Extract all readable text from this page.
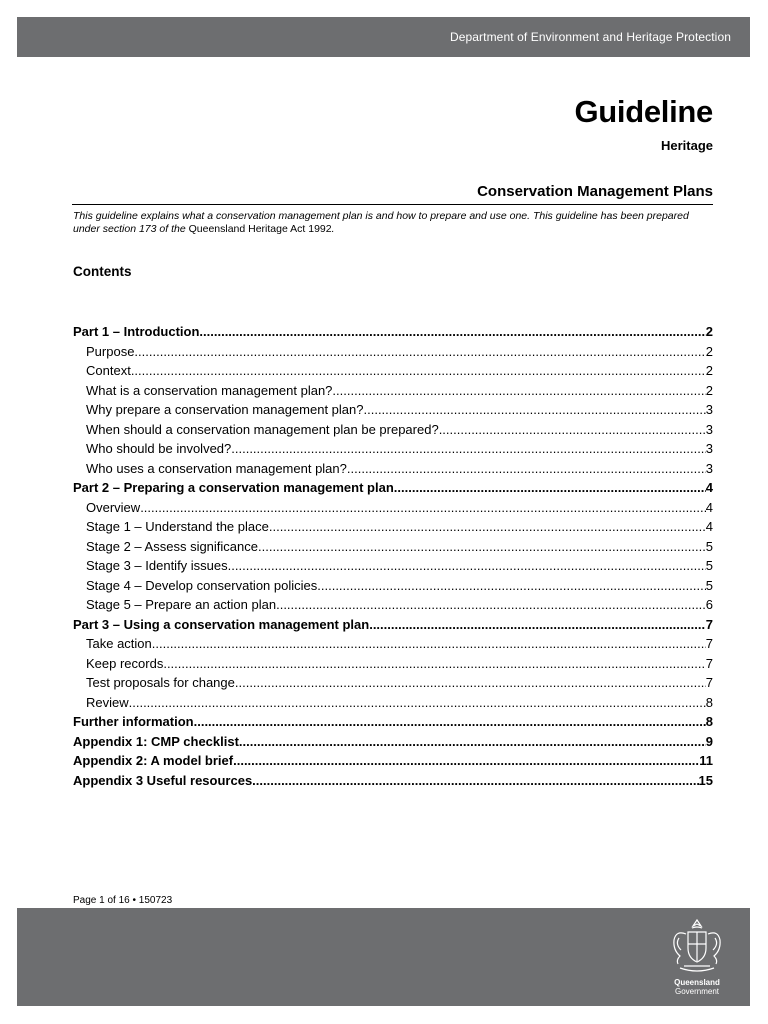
Department of Environment and Heritage Protection
Guideline
Heritage
Conservation Management Plans

This guideline explains what a conservation management plan is and how to prepare and use one. This guideline has been prepared under section 173 of the Queensland Heritage Act 1992.

Contents
Part 1 – Introduction .....	2
Purpose .....	2
Context .....	2
What is a conservation management plan? .....	2
Why prepare a conservation management plan? .....	3
When should a conservation management plan be prepared? .....	3
Who should be involved? .....	3
Who uses a conservation management plan? .....	3
Part 2 – Preparing a conservation management plan .....	4
Overview .....	4
Stage 1 – Understand the place .....	4
Stage 2 – Assess significance .....	5
Stage 3 – Identify issues .....	5
Stage 4 – Develop conservation policies .....	5
Stage 5 – Prepare an action plan .....	6
Part 3 – Using a conservation management plan .....	7
Take action .....	7
Keep records .....	7
Test proposals for change .....	7
Review .....	8
Further information .....	8
Appendix 1: CMP checklist .....	9
Appendix 2: A model brief .....	11
Appendix 3 Useful resources .....	15
Page 1 of 16 • 150723
Queensland
Government
